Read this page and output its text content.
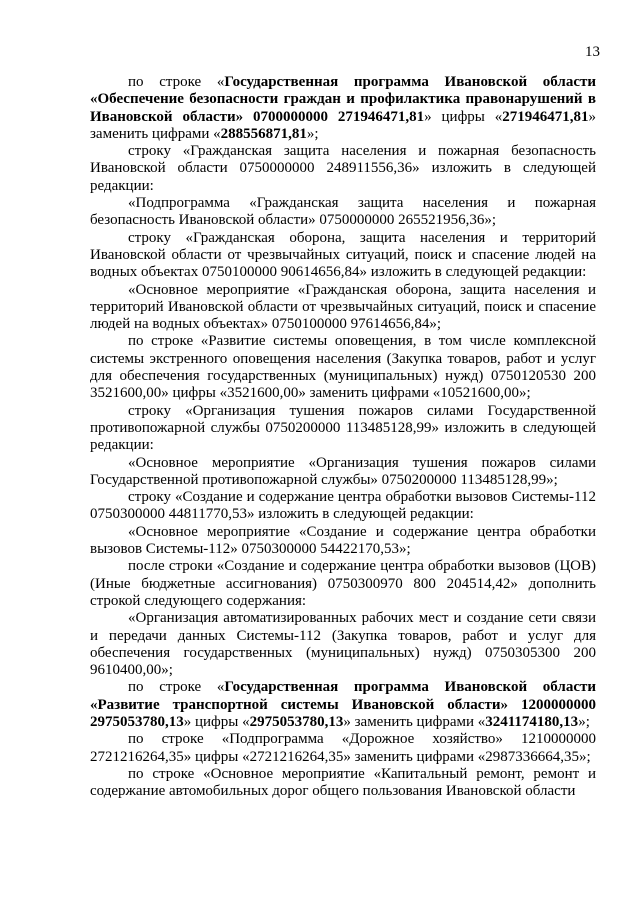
13

по строке «Государственная программа Ивановской области «Обеспечение безопасности граждан и профилактика правонарушений в Ивановской области» 0700000000 271946471,81» цифры «271946471,81» заменить цифрами «288556871,81»;

строку «Гражданская защита населения и пожарная безопасность Ивановской области 0750000000 248911556,36» изложить в следующей редакции:

«Подпрограмма «Гражданская защита населения и пожарная безопасность Ивановской области» 0750000000 265521956,36»;

строку «Гражданская оборона, защита населения и территорий Ивановской области от чрезвычайных ситуаций, поиск и спасение людей на водных объектах 0750100000 90614656,84» изложить в следующей редакции:

«Основное мероприятие «Гражданская оборона, защита населения и территорий Ивановской области от чрезвычайных ситуаций, поиск и спасение людей на водных объектах» 0750100000 97614656,84»;

по строке «Развитие системы оповещения, в том числе комплексной системы экстренного оповещения населения (Закупка товаров, работ и услуг для обеспечения государственных (муниципальных) нужд) 0750120530 200 3521600,00» цифры «3521600,00» заменить цифрами «10521600,00»;

строку «Организация тушения пожаров силами Государственной противопожарной службы 0750200000 113485128,99» изложить в следующей редакции:

«Основное мероприятие «Организация тушения пожаров силами Государственной противопожарной службы» 0750200000 113485128,99»;

строку «Создание и содержание центра обработки вызовов Системы-112 0750300000 44811770,53» изложить в следующей редакции:

«Основное мероприятие «Создание и содержание центра обработки вызовов Системы-112» 0750300000 54422170,53»;

после строки «Создание и содержание центра обработки вызовов (ЦОВ) (Иные бюджетные ассигнования) 0750300970 800 204514,42» дополнить строкой следующего содержания:

«Организация автоматизированных рабочих мест и создание сети связи и передачи данных Системы-112 (Закупка товаров, работ и услуг для обеспечения государственных (муниципальных) нужд) 0750305300 200 9610400,00»;

по строке «Государственная программа Ивановской области «Развитие транспортной системы Ивановской области» 1200000000 2975053780,13» цифры «2975053780,13» заменить цифрами «3241174180,13»;

по строке «Подпрограмма «Дорожное хозяйство» 1210000000 2721216264,35» цифры «2721216264,35» заменить цифрами «2987336664,35»;

по строке «Основное мероприятие «Капитальный ремонт, ремонт и содержание автомобильных дорог общего пользования Ивановской области
